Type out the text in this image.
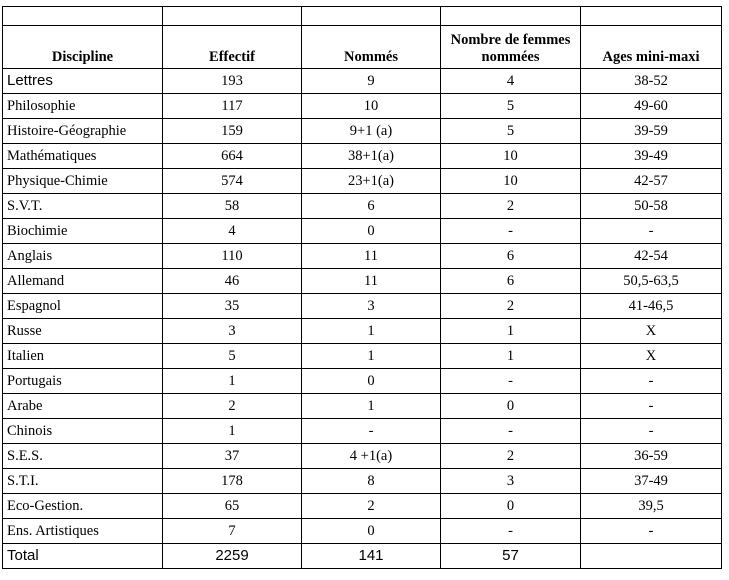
Discipline	Effectif	Nommés	Nombre de femmes nommées	Ages mini-maxi
Lettres	193	9	4	38-52
Philosophie	117	10	5	49-60
Histoire-Géographie	159	9+1 (a)	5	39-59
Mathématiques	664	38+1(a)	10	39-49
Physique-Chimie	574	23+1(a)	10	42-57
S.V.T.	58	6	2	50-58
Biochimie	4	0	-	-
Anglais	110	11	6	42-54
Allemand	46	11	6	50,5-63,5
Espagnol	35	3	2	41-46,5
Russe	3	1	1	X
Italien	5	1	1	X
Portugais	1	0	-	-
Arabe	2	1	0	-
Chinois	1	-	-	-
S.E.S.	37	4 +1(a)	2	36-59
S.T.I.	178	8	3	37-49
Eco-Gestion.	65	2	0	39,5
Ens. Artistiques	7	0	-	-
Total	2259	141	57	
